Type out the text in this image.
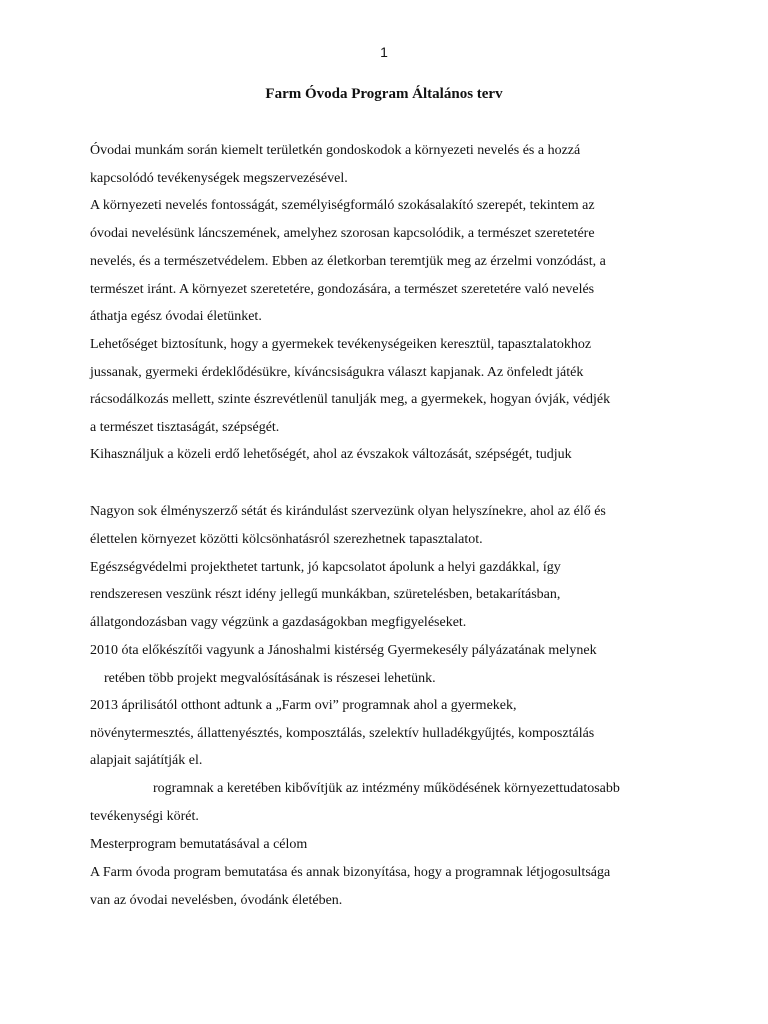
1
Farm Óvoda Program Általános terv
Óvodai munkám során kiemelt területkén gondoskodok a környezeti nevelés és a hozzá
kapcsolódó tevékenységek megszervezésével.
A környezeti nevelés fontosságát, személyiségformáló szokásalakító szerepét, tekintem az
óvodai nevelésünk láncszemének, amelyhez szorosan kapcsolódik, a természet szeretetére
nevelés, és a természetvédelem. Ebben az életkorban teremtjük meg az érzelmi vonzódást, a
természet iránt. A környezet szeretetére, gondozására, a természet szeretetére való nevelés
áthatja egész óvodai életünket.
Lehetőséget biztosítunk, hogy a gyermekek tevékenységeiken keresztül, tapasztalatokhoz
jussanak, gyermeki érdeklődésükre, kíváncsiságukra választ kapjanak. Az önfeledt játék
rácsodálkozás mellett, szinte észrevétlenül tanulják meg, a gyermekek, hogyan óvják, védjék
a természet tisztaságát, szépségét.
Kihasználjuk a közeli erdő lehetőségét, ahol az évszakok változását, szépségét, tudjuk
Nagyon sok élményszerző sétát és kirándulást szervezünk olyan helyszínekre, ahol az élő és
élettelen környezet közötti kölcsönhatásról szerezhetnek tapasztalatot.
Egészségvédelmi projekthetet tartunk, jó kapcsolatot ápolunk a helyi gazdákkal, így
rendszeresen veszünk részt idény jellegű munkákban, szüretelésben, betakarításban,
állatgondozásban vagy végzünk a gazdaságokban megfigyeléseket.
2010 óta előkészítői vagyunk a Jánoshalmi kistérség Gyermekesély pályázatának melynek
retében több projekt megvalósításának is részesei lehetünk.
2013 áprilisától otthont adtunk a „Farm ovi” programnak ahol a gyermekek,
növénytermesztés, állattenyésztés, komposztálás, szelektív hulladékgyűjtés, komposztálás
alapjait sajátítják el.
rogramnak a keretében kibővítjük az intézmény működésének környezettudatosabb
tevékenységi körét.
Mesterprogram bemutatásával a célom
A Farm óvoda program bemutatása és annak bizonyítása, hogy a programnak létjogosultsága
van az óvodai nevelésben, óvodánk életében.
